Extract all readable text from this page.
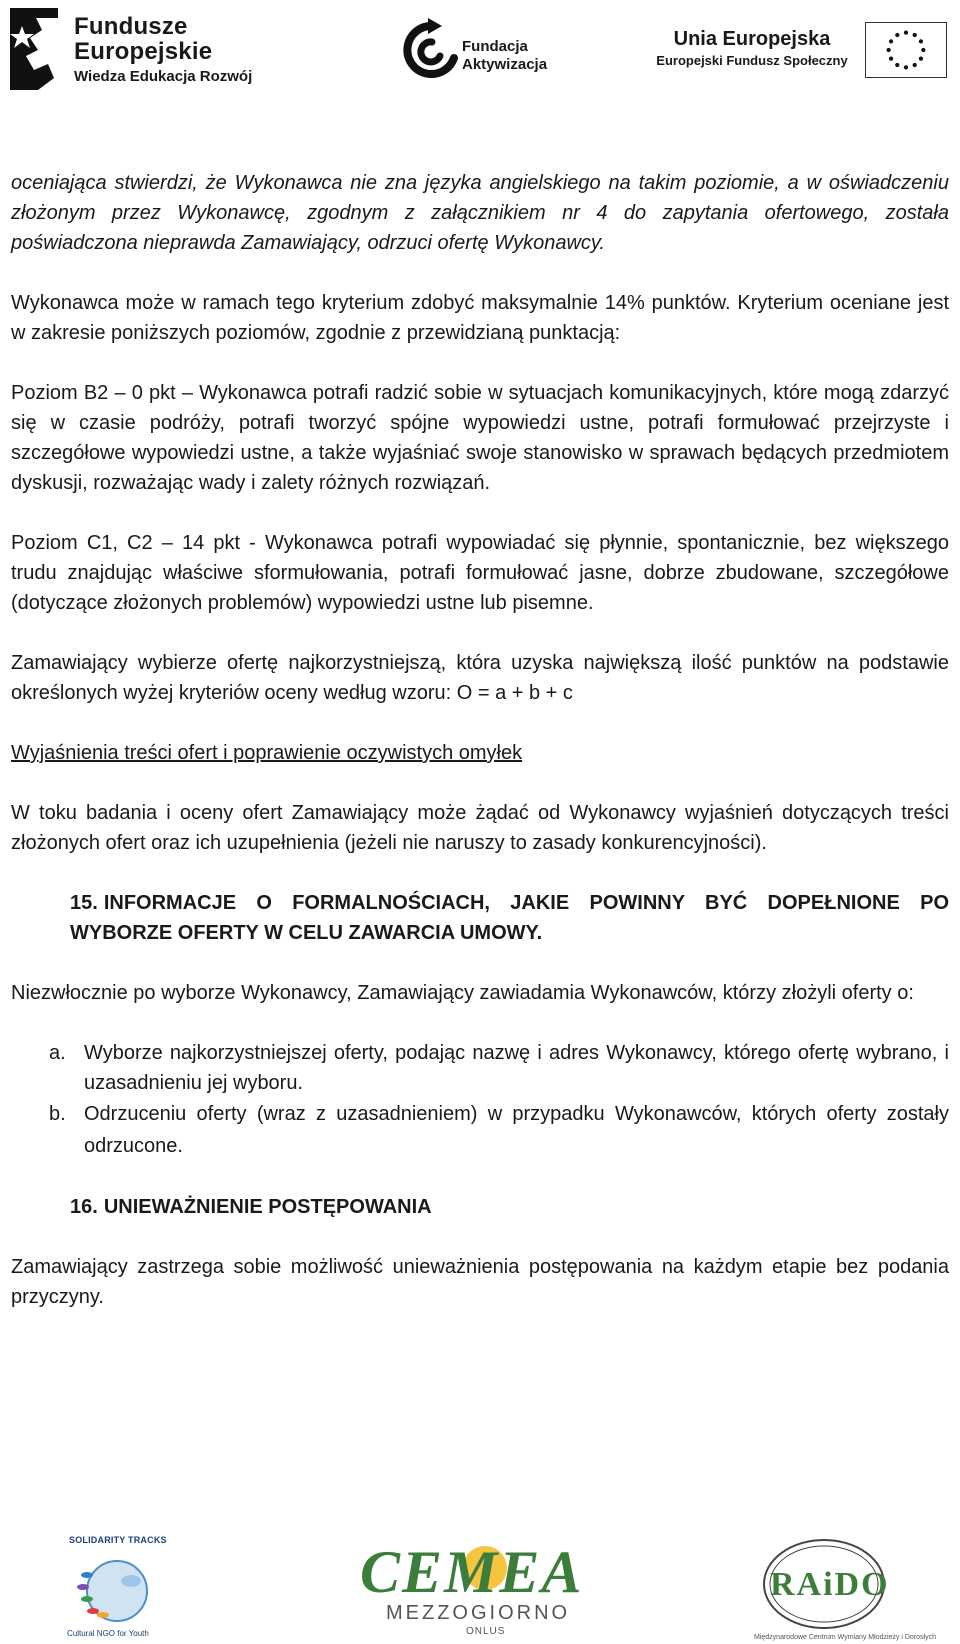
Fundusze
Europejskie
Wiedza Edukacja Rozwój
Fundacja
Aktywizacja
Unia Europejska
Europejski Fundusz Społeczny

oceniająca stwierdzi, że Wykonawca nie zna języka angielskiego na takim poziomie, a w oświadczeniu złożonym przez Wykonawcę, zgodnym z załącznikiem nr 4 do zapytania ofertowego, została poświadczona nieprawda Zamawiający, odrzuci ofertę Wykonawcy.

Wykonawca może w ramach tego kryterium zdobyć maksymalnie 14% punktów. Kryterium oceniane jest w zakresie poniższych poziomów, zgodnie z przewidzianą punktacją:

Poziom B2 – 0 pkt – Wykonawca potrafi radzić sobie w sytuacjach komunikacyjnych, które mogą zdarzyć się w czasie podróży, potrafi tworzyć spójne wypowiedzi ustne, potrafi formułować przejrzyste i szczegółowe wypowiedzi ustne, a także wyjaśniać swoje stanowisko w sprawach będących przedmiotem dyskusji, rozważając wady i zalety różnych rozwiązań.

Poziom C1, C2 – 14 pkt - Wykonawca potrafi wypowiadać się płynnie, spontanicznie, bez większego trudu znajdując właściwe sformułowania, potrafi formułować jasne, dobrze zbudowane, szczegółowe (dotyczące złożonych problemów) wypowiedzi ustne lub pisemne.

Zamawiający wybierze ofertę najkorzystniejszą, która uzyska największą ilość punktów na podstawie określonych wyżej kryteriów oceny według wzoru: O = a + b + c

Wyjaśnienia treści ofert i poprawienie oczywistych omyłek

W toku badania i oceny ofert Zamawiający może żądać od Wykonawcy wyjaśnień dotyczących treści złożonych ofert oraz ich uzupełnienia (jeżeli nie naruszy to zasady konkurencyjności).

15. INFORMACJE O FORMALNOŚCIACH, JAKIE POWINNY BYĆ DOPEŁNIONE PO WYBORZE OFERTY W CELU ZAWARCIA UMOWY.

Niezwłocznie po wyborze Wykonawcy, Zamawiający zawiadamia Wykonawców, którzy złożyli oferty o:

a. Wyborze najkorzystniejszej oferty, podając nazwę i adres Wykonawcy, którego ofertę wybrano, i uzasadnieniu jej wyboru.
b. Odrzuceniu oferty (wraz z uzasadnieniem) w przypadku Wykonawców, których oferty zostały odrzucone.

16. UNIEWAŻNIENIE POSTĘPOWANIA

Zamawiający zastrzega sobie możliwość unieważnienia postępowania na każdym etapie bez podania przyczyny.

SOLIDARITY TRACKS
Cultural NGO for Youth
CEMEA
MEZZOGIORNO
ONLUS
RAiDO
Międzynarodowe Centrum Wymiany Młodzieży i Dorosłych
